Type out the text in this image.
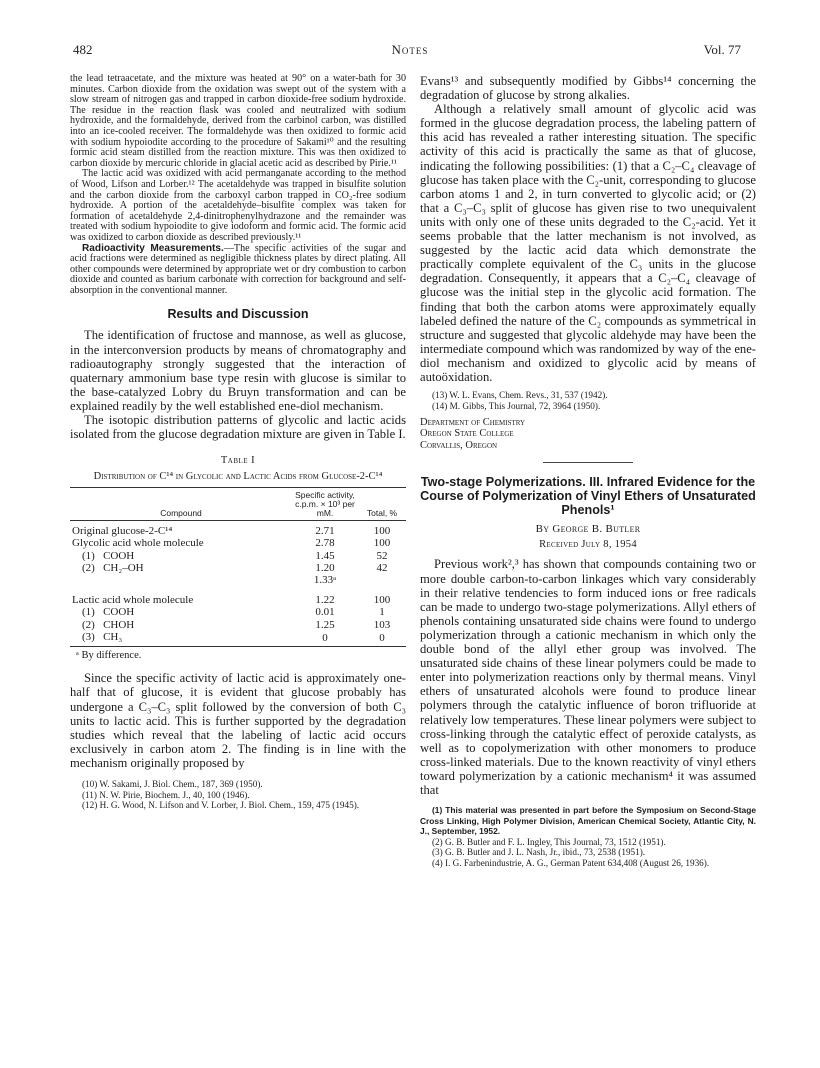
482	Notes	Vol. 77

the lead tetraacetate, and the mixture was heated at 90° on a water-bath for 30 minutes. Carbon dioxide from the oxidation was swept out of the system with a slow stream of nitrogen gas and trapped in carbon dioxide-free sodium hydroxide. The residue in the reaction flask was cooled and neutralized with sodium hydroxide, and the formaldehyde, derived from the carbinol carbon, was distilled into an ice-cooled receiver. The formaldehyde was then oxidized to formic acid with sodium hypoiodite according to the procedure of Sakami¹⁰ and the resulting formic acid steam distilled from the reaction mixture. This was then oxidized to carbon dioxide by mercuric chloride in glacial acetic acid as described by Pirie.¹¹

The lactic acid was oxidized with acid permanganate according to the method of Wood, Lifson and Lorber.¹² The acetaldehyde was trapped in bisulfite solution and the carbon dioxide from the carboxyl carbon trapped in CO₂-free sodium hydroxide. A portion of the acetaldehyde–bisulfite complex was taken for formation of acetaldehyde 2,4-dinitrophenylhydrazone and the remainder was treated with sodium hypoiodite to give iodoform and formic acid. The formic acid was oxidized to carbon dioxide as described previously.¹¹

Radioactivity Measurements.—The specific activities of the sugar and acid fractions were determined as negligible thickness plates by direct plating. All other compounds were determined by appropriate wet or dry combustion to carbon dioxide and counted as barium carbonate with correction for background and self-absorption in the conventional manner.

Results and Discussion

The identification of fructose and mannose, as well as glucose, in the interconversion products by means of chromatography and radioautography strongly suggested that the interaction of quaternary ammonium base type resin with glucose is similar to the base-catalyzed Lobry du Bruyn transformation and can be explained readily by the well established ene-diol mechanism.

The isotopic distribution patterns of glycolic and lactic acids isolated from the glucose degradation mixture are given in Table I.

Table I
Distribution of C¹⁴ in Glycolic and Lactic Acids from Glucose-2-C¹⁴
Compound	Specific activity, c.p.m. × 10³ per mM.	Total, %

Original glucose-2-C¹⁴	2.71	100
Glycolic acid whole molecule	2.78	100
(1)   COOH	1.45	52
(2)   CH₂–OH	1.20	42
	1.33ᵃ	
Lactic acid whole molecule	1.22	100
(1)   COOH	0.01	1
(2)   CHOH	1.25	103
(3)   CH₃	0	0
ᵃ By difference.

Since the specific activity of lactic acid is approximately one-half that of glucose, it is evident that glucose probably has undergone a C₃–C₃ split followed by the conversion of both C₃ units to lactic acid. This is further supported by the degradation studies which reveal that the labeling of lactic acid occurs exclusively in carbon atom 2. The finding is in line with the mechanism originally proposed by

(10) W. Sakami, J. Biol. Chem., 187, 369 (1950).

(11) N. W. Pirie, Biochem. J., 40, 100 (1946).

(12) H. G. Wood, N. Lifson and V. Lorber, J. Biol. Chem., 159, 475 (1945).

Evans¹³ and subsequently modified by Gibbs¹⁴ concerning the degradation of glucose by strong alkalies.

Although a relatively small amount of glycolic acid was formed in the glucose degradation process, the labeling pattern of this acid has revealed a rather interesting situation. The specific activity of this acid is practically the same as that of glucose, indicating the following possibilities: (1) that a C₂–C₄ cleavage of glucose has taken place with the C₂-unit, corresponding to glucose carbon atoms 1 and 2, in turn converted to glycolic acid; or (2) that a C₃–C₃ split of glucose has given rise to two unequivalent units with only one of these units degraded to the C₂-acid. Yet it seems probable that the latter mechanism is not involved, as suggested by the lactic acid data which demonstrate the practically complete equivalent of the C₃ units in the glucose degradation. Consequently, it appears that a C₂–C₄ cleavage of glucose was the initial step in the glycolic acid formation. The finding that both the carbon atoms were approximately equally labeled defined the nature of the C₂ compounds as symmetrical in structure and suggested that glycolic aldehyde may have been the intermediate compound which was randomized by way of the ene-diol mechanism and oxidized to glycolic acid by means of autoöxidation.

(13) W. L. Evans, Chem. Revs., 31, 537 (1942).

(14) M. Gibbs, This Journal, 72, 3964 (1950).

Department of Chemistry
Oregon State College
Corvallis, Oregon
Two-stage Polymerizations. III. Infrared Evidence for the Course of Polymerization of Vinyl Ethers of Unsaturated Phenols¹
By George B. Butler
Received July 8, 1954

Previous work²,³ has shown that compounds containing two or more double carbon-to-carbon linkages which vary considerably in their relative tendencies to form induced ions or free radicals can be made to undergo two-stage polymerizations. Allyl ethers of phenols containing unsaturated side chains were found to undergo polymerization through a cationic mechanism in which only the double bond of the allyl ether group was involved. The unsaturated side chains of these linear polymers could be made to enter into polymerization reactions only by thermal means. Vinyl ethers of unsaturated alcohols were found to produce linear polymers through the catalytic influence of boron trifluoride at relatively low temperatures. These linear polymers were subject to cross-linking through the catalytic effect of peroxide catalysts, as well as to copolymerization with other monomers to produce cross-linked materials. Due to the known reactivity of vinyl ethers toward polymerization by a cationic mechanism⁴ it was assumed that

(1) This material was presented in part before the Symposium on Second-Stage Cross Linking, High Polymer Division, American Chemical Society, Atlantic City, N. J., September, 1952.

(2) G. B. Butler and F. L. Ingley, This Journal, 73, 1512 (1951).

(3) G. B. Butler and J. L. Nash, Jr., ibid., 73, 2538 (1951).

(4) I. G. Farbenindustrie, A. G., German Patent 634,408 (August 26, 1936).
